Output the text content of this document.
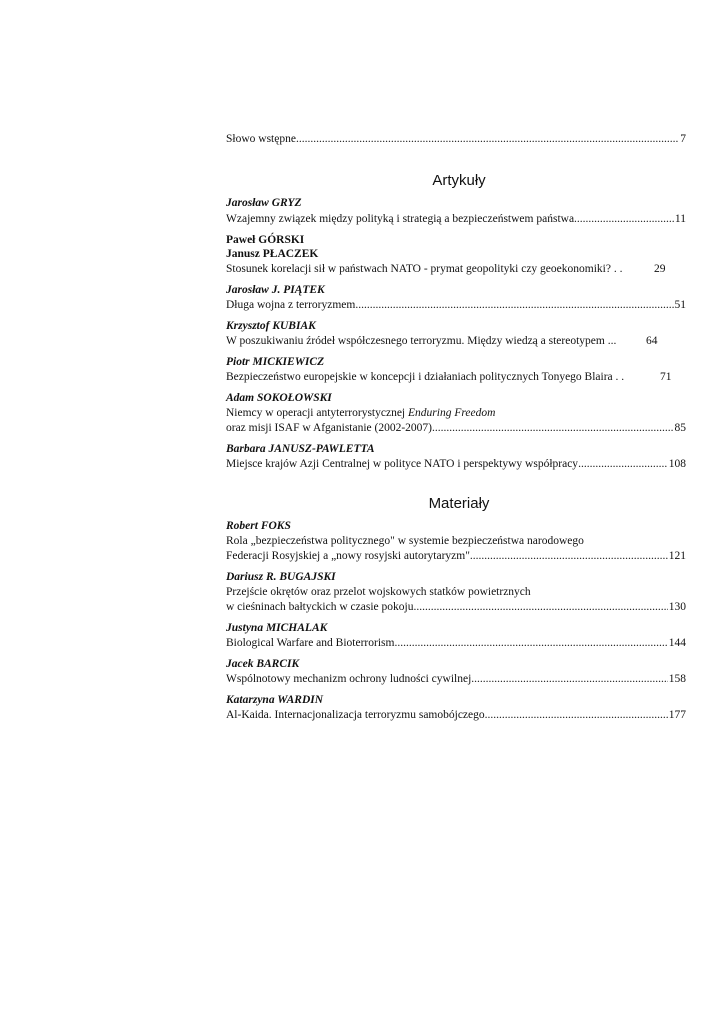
Słowo wstępne .....	7
Artykuły
Jarosław GRYZ
Wzajemny związek między polityką i strategią a bezpieczeństwem państwa .....	11
Paweł GÓRSKI
Janusz PŁACZEK
Stosunek korelacji sił w państwach NATO - prymat geopolityki czy geoekonomiki? . .	29
Jarosław J. PIĄTEK
Długa wojna z terroryzmem .....	51
Krzysztof KUBIAK
W poszukiwaniu źródeł współczesnego terroryzmu. Między wiedzą a stereotypem ...	64
Piotr MICKIEWICZ
Bezpieczeństwo europejskie w koncepcji i działaniach politycznych Tonyego Blaira . .	71
Adam SOKOŁOWSKI
Niemcy w operacji antyterrorystycznej Enduring Freedom
oraz misji ISAF w Afganistanie (2002-2007) .....	85
Barbara JANUSZ-PAWLETTA
Miejsce krajów Azji Centralnej w polityce NATO i perspektywy współpracy .....	108
Materiały
Robert FOKS
Rola „bezpieczeństwa politycznego" w systemie bezpieczeństwa narodowego
Federacji Rosyjskiej a „nowy rosyjski autorytaryzm" .....	121
Dariusz R. BUGAJSKI
Przejście okrętów oraz przelot wojskowych statków powietrznych
w cieśninach bałtyckich w czasie pokoju .....	130
Justyna MICHALAK
Biological Warfare and Bioterrorism .....	144
Jacek BARCIK
Wspólnotowy mechanizm ochrony ludności cywilnej .....	158
Katarzyna WARDIN
Al-Kaida. Internacjonalizacja terroryzmu samobójczego .....	177
